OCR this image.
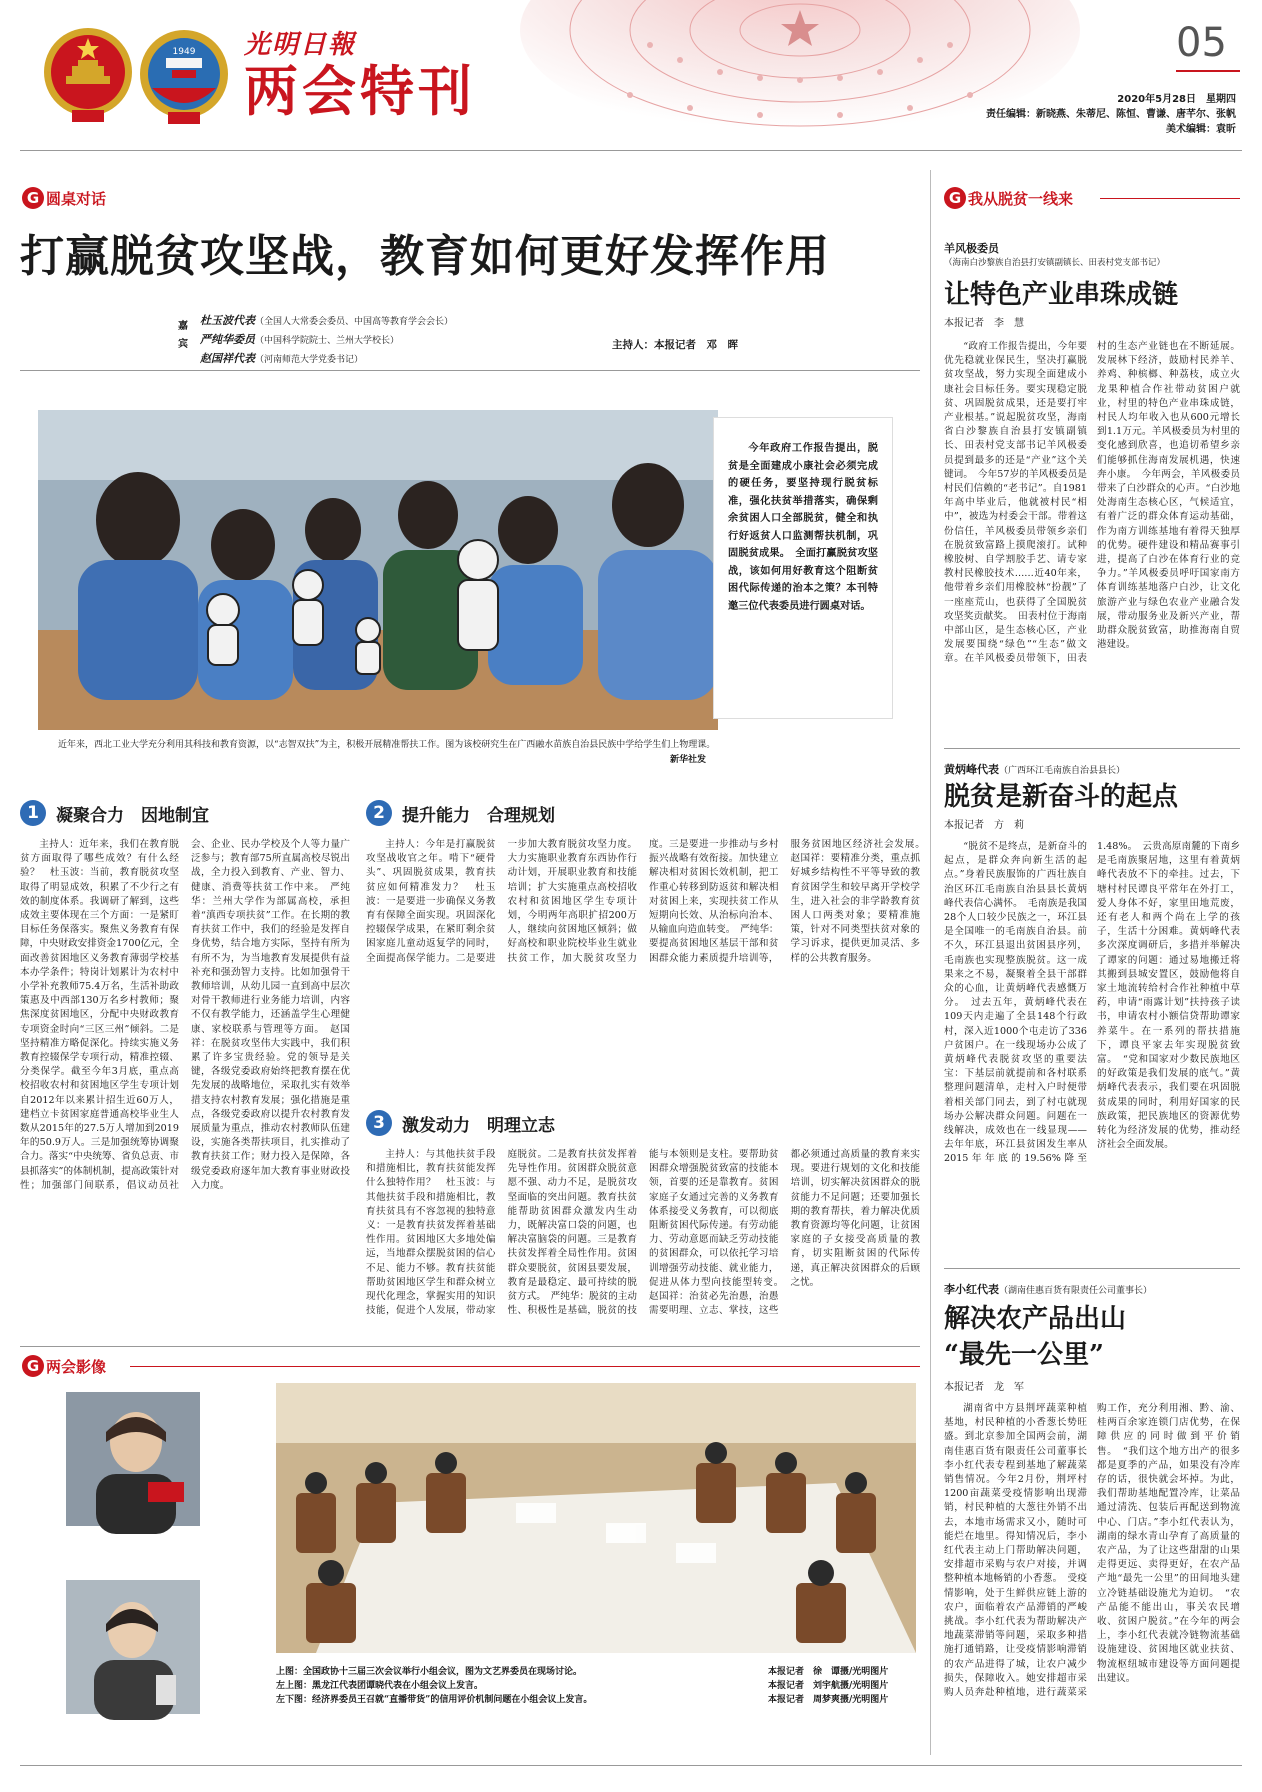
1949 光明日報
两会特刊
05
2020年5月28日　星期四
责任编辑：新晓燕、朱蒂尼、陈恒、曹谦、唐芊尔、张帆
美术编辑：袁昕
G 圆桌对话
打赢脱贫攻坚战，教育如何更好发挥作用
嘉宾
杜玉波代表（全国人大常委会委员、中国高等教育学会会长）
严纯华委员（中国科学院院士、兰州大学校长）
赵国祥代表（河南师范大学党委书记）
主持人：本报记者　邓　晖
今年政府工作报告提出，脱贫是全面建成小康社会必须完成的硬任务，要坚持现行脱贫标准，强化扶贫举措落实，确保剩余贫困人口全部脱贫，健全和执行好返贫人口监测帮扶机制，巩固脱贫成果。　全面打赢脱贫攻坚战，该如何用好教育这个阻断贫困代际传递的治本之策？本刊特邀三位代表委员进行圆桌对话。
近年来，西北工业大学充分利用其科技和教育资源，以“志智双扶”为主，积极开展精准帮扶工作。图为该校研究生在广西融水苗族自治县民族中学给学生们上物理课。
新华社发
1	凝聚合力　因地制宜
主持人：近年来，我们在教育脱贫方面取得了哪些成效？有什么经验？　杜玉波：当前，教育脱贫攻坚取得了明显成效，积累了不少行之有效的制度体系。我调研了解到，这些成效主要体现在三个方面：一是紧盯目标任务保落实。聚焦义务教育有保障，中央财政安排资金1700亿元，全面改善贫困地区义务教育薄弱学校基本办学条件；特岗计划累计为农村中小学补充教师75.4万名，生活补助政策惠及中西部130万名乡村教师；聚焦深度贫困地区，分配中央财政教育专项资金时向“三区三州”倾斜。二是坚持精准方略促深化。持续实施义务教育控辍保学专项行动，精准控辍、分类保学。截至今年3月底，重点高校招收农村和贫困地区学生专项计划自2012年以来累计招生近60万人，建档立卡贫困家庭普通高校毕业生人数从2015年的27.5万人增加到2019年的50.9万人。三是加强统筹协调聚合力。落实“中央统筹、省负总责、市县抓落实”的体制机制，提高政策针对性；加强部门间联系，倡议动员社会、企业、民办学校及个人等力量广泛参与；教育部75所直属高校尽锐出战，全力投入到教育、产业、智力、健康、消费等扶贫工作中来。　严纯华：兰州大学作为部属高校，承担着“滇西专项扶贫”工作。在长期的教育扶贫工作中，我们的经验是发挥自身优势，结合地方实际，坚持有所为有所不为，为当地教育发展提供有益补充和强劲智力支持。比如加强骨干教师培训，从幼儿园一直到高中层次对骨干教师进行业务能力培训，内容不仅有教学能力，还涵盖学生心理健康、家校联系与管理等方面。　赵国祥：在脱贫攻坚伟大实践中，我们积累了许多宝贵经验。党的领导是关键，各级党委政府始终把教育摆在优先发展的战略地位，采取扎实有效举措支持农村教育发展；强化措施是重点，各级党委政府以提升农村教育发展质量为重点，推动农村教师队伍建设，实施各类帮扶项目，扎实推动了教育扶贫工作；财力投入是保障，各级党委政府逐年加大教育事业财政投入力度。
2	提升能力　合理规划
主持人：今年是打赢脱贫攻坚战收官之年。啃下“硬骨头”、巩固脱贫成果，教育扶贫应如何精准发力？　杜玉波：一是要进一步确保义务教育有保障全面实现。巩固深化控辍保学成果，在紧盯剩余贫困家庭儿童动返复学的同时，全面提高保学能力。二是要进一步加大教育脱贫攻坚力度。大力实施职业教育东西协作行动计划，开展职业教育和技能培训；扩大实施重点高校招收农村和贫困地区学生专项计划，今明两年高职扩招200万人，继续向贫困地区倾斜；做好高校和职业院校毕业生就业扶贫工作，加大脱贫攻坚力度。三是要进一步推动与乡村振兴战略有效衔接。加快建立解决相对贫困长效机制，把工作重心转移到防返贫和解决相对贫困上来，实现扶贫工作从短期向长效、从治标向治本、从输血向造血转变。　严纯华：要提高贫困地区基层干部和贫困群众能力素质提升培训等，服务贫困地区经济社会发展。　赵国祥：要精准分类，重点抓好城乡结构性不平等导致的教育贫困学生和较早离开学校学生，进入社会的非学龄教育贫困人口两类对象；要精准施策，针对不同类型扶贫对象的学习诉求，提供更加灵活、多样的公共教育服务。
3	激发动力　明理立志
主持人：与其他扶贫手段和措施相比，教育扶贫能发挥什么独特作用？　杜玉波：与其他扶贫手段和措施相比，教育扶贫具有不容忽视的独特意义：一是教育扶贫发挥着基础性作用。贫困地区大多地处偏远，当地群众摆脱贫困的信心不足、能力不够。教育扶贫能帮助贫困地区学生和群众树立现代化理念，掌握实用的知识技能，促进个人发展，带动家庭脱贫。二是教育扶贫发挥着先导性作用。贫困群众脱贫意愿不强、动力不足，是脱贫攻坚面临的突出问题。教育扶贫能帮助贫困群众激发内生动力，既解决富口袋的问题，也解决富脑袋的问题。三是教育扶贫发挥着全局性作用。贫困群众要脱贫，贫困县要发展，教育是最稳定、最可持续的脱贫方式。　严纯华：脱贫的主动性、积极性是基础，脱贫的技能与本领则是支柱。要帮助贫困群众增强脱贫致富的技能本领，首要的还是靠教育。贫困家庭子女通过完善的义务教育体系接受义务教育，可以彻底阻断贫困代际传递。有劳动能力、劳动意愿而缺乏劳动技能的贫困群众，可以依托学习培训增强劳动技能、就业能力，促进从体力型向技能型转变。　赵国祥：治贫必先治愚，治愚需要明理、立志、掌技，这些都必须通过高质量的教育来实现。要进行规划的文化和技能培训，切实解决贫困群众的脱贫能力不足问题；还要加强长期的教育帮扶，着力解决优质教育资源均等化问题，让贫困家庭的子女接受高质量的教育，切实阻断贫困的代际传递，真正解决贫困群众的后顾之忧。
G 两会影像
上图：全国政协十三届三次会议举行小组会议，图为文艺界委员在现场讨论。
左上图：黑龙江代表团谭晓代表在小组会议上发言。
左下图：经济界委员王召就“直播带货”的信用评价机制问题在小组会议上发言。
本报记者　徐　谭摄/光明图片
本报记者　刘宇航摄/光明图片
本报记者　周梦爽摄/光明图片
G 我从脱贫一线来
羊风极委员
（海南白沙黎族自治县打安镇副镇长、田表村党支部书记）
让特色产业串珠成链
本报记者　李　慧
“政府工作报告提出，今年要优先稳就业保民生，坚决打赢脱贫攻坚战，努力实现全面建成小康社会目标任务。要实现稳定脱贫、巩固脱贫成果，还是要打牢产业根基。”说起脱贫攻坚，海南省白沙黎族自治县打安镇副镇长、田表村党支部书记羊风极委员提到最多的还是“产业”这个关键词。　今年57岁的羊风极委员是村民们信赖的“老书记”。自1981年高中毕业后，他就被村民“相中”，被选为村委会干部。带着这份信任，羊风极委员带领乡亲们在脱贫致富路上摸爬滚打。试种橡胶树、自学割胶手艺、请专家教村民橡胶技术……近40年来，他带着乡亲们用橡胶林“扮靓”了一座座荒山，也获得了全国脱贫攻坚奖贡献奖。　田表村位于海南中部山区，是生态核心区，产业发展要围绕“绿色”“生态”做文章。在羊风极委员带领下，田表村的生态产业链也在不断延展。发展林下经济，鼓励村民养羊、养鸡、种槟榔、种荔枝，成立火龙果种植合作社带动贫困户就业，村里的特色产业串珠成链，村民人均年收入也从600元增长到1.1万元。羊风极委员为村里的变化感到欣喜，也追切希望乡亲们能够抓住海南发展机遇，快速奔小康。　今年两会，羊风极委员带来了白沙群众的心声。“白沙地处海南生态核心区，气候适宜，有着广泛的群众体育运动基础，作为南方训练基地有着得天独厚的优势。硬件建设和精品赛事引进，提高了白沙在体育行业的竞争力。”羊风极委员呼吁国家南方体育训练基地落户白沙，让文化旅游产业与绿色农业产业融合发展，带动服务业及新兴产业，帮助群众脱贫致富，助推海南自贸港建设。
黄炳峰代表（广西环江毛南族自治县县长）
脱贫是新奋斗的起点
本报记者　方　莉
“脱贫不是终点，是新奋斗的起点，是群众奔向新生活的起点。”身着民族服饰的广西壮族自治区环江毛南族自治县县长黄炳峰代表信心满怀。　毛南族是我国28个人口较少民族之一，环江县是全国唯一的毛南族自治县。前不久，环江县退出贫困县序列，毛南族也实现整族脱贫。这一成果来之不易，凝聚着全县干部群众的心血，让黄炳峰代表感慨万分。　过去五年，黄炳峰代表在109天内走遍了全县148个行政村，深入近1000个屯走访了336户贫困户。在一线现场办公成了黄炳峰代表脱贫攻坚的重要法宝：下基层前就提前和各村联系整理问题清单，走村入户时便带着相关部门同去，到了村屯就现场办公解决群众问题。问题在一线解决，成效也在一线显现——去年年底，环江县贫困发生率从2015年年底的19.56%降至1.48%。　云贵高原南麓的下南乡是毛南族聚居地，这里有着黄炳峰代表放不下的牵挂。过去，下塘村村民谭良平常年在外打工，爱人身体不好，家里田地荒废，还有老人和两个尚在上学的孩子，生活十分困难。黄炳峰代表多次深度调研后，多措并举解决了谭家的问题：通过易地搬迁将其搬到县城安置区，鼓励他将自家土地流转给村合作社种植中草药，申请“雨露计划”扶持孩子读书，申请农村小额信贷帮助谭家养菜牛。在一系列的帮扶措施下，谭良平家去年实现脱贫致富。　“党和国家对少数民族地区的好政策是我们发展的底气。”黄炳峰代表表示，我们要在巩固脱贫成果的同时，利用好国家的民族政策，把民族地区的资源优势转化为经济发展的优势，推动经济社会全面发展。
李小红代表（湖南佳惠百货有限责任公司董事长）
解决农产品出山
“最先一公里”
本报记者　龙　军
湖南省中方县荆坪蔬菜种植基地，村民种植的小香葱长势旺盛。到北京参加全国两会前，湖南佳惠百货有限责任公司董事长李小红代表专程到基地了解蔬菜销售情况。今年2月份，荆坪村1200亩蔬菜受疫情影响出现滞销，村民种植的大葱往外销不出去，本地市场需求又小，随时可能烂在地里。得知情况后，李小红代表主动上门帮助解决问题，安排超市采购与农户对接，并调整种植本地畅销的小香葱。　受疫情影响，处于生鲜供应链上游的农户，面临着农产品滞销的严峻挑战。李小红代表为帮助解决产地蔬菜滞销等问题，采取多种措施打通销路，让受疫情影响滞销的农产品进得了城，让农户减少损失，保障收入。她安排超市采购人员奔赴种植地，进行蔬菜采购工作，充分利用湘、黔、渝、桂两百余家连锁门店优势，在保障供应的同时做到平价销售。　“我们这个地方出产的很多都是夏季的产品，如果没有冷库存的话，很快就会坏掉。为此，我们帮助基地配置冷库，让菜品通过清洗、包装后再配送到物流中心、门店。”李小红代表认为，湖南的绿水青山孕育了高质量的农产品，为了让这些甜甜的山果走得更远、卖得更好，在农产品产地“最先一公里”的田间地头建立冷链基础设施尤为迫切。　“农产品能不能出山，事关农民增收、贫困户脱贫。”在今年的两会上，李小红代表就冷链物流基础设施建设、贫困地区就业扶贫、物流枢纽城市建设等方面问题提出建议。
